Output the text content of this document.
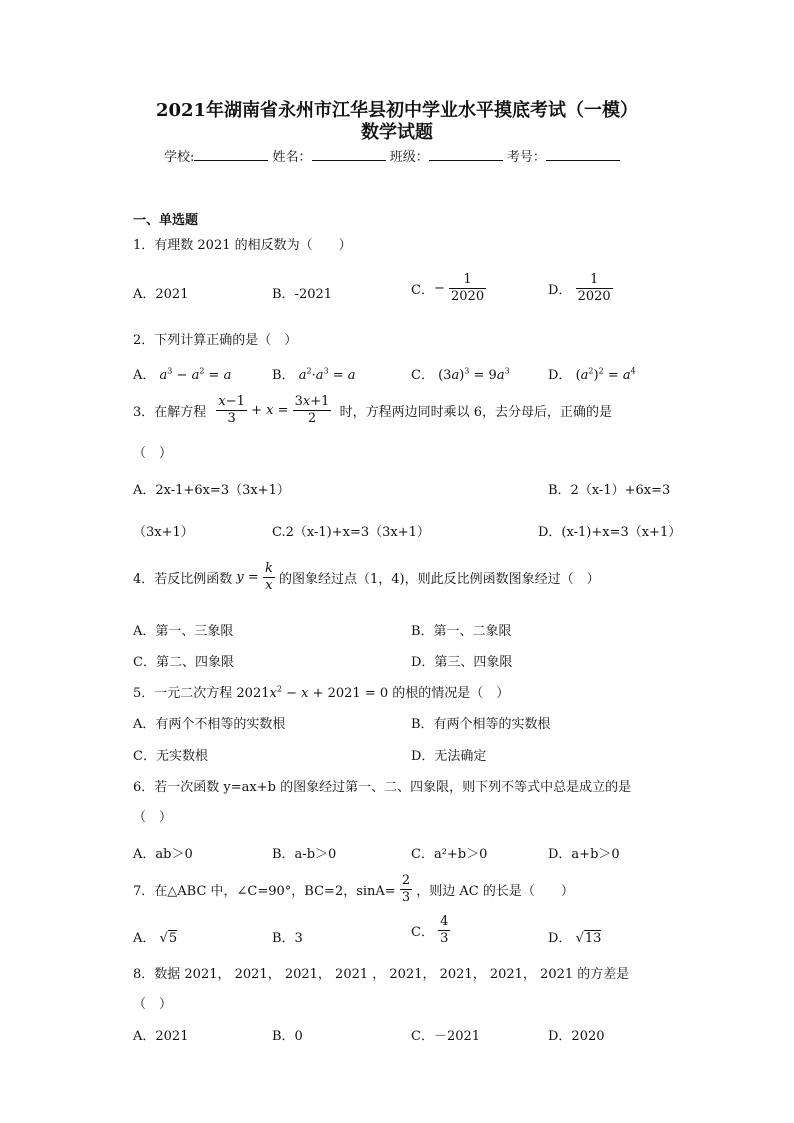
2021年湖南省永州市江华县初中学业水平摸底考试（一模）
数学试题
学校:	姓名：	班级：	考号：
一、单选题
1．有理数 2021 的相反数为（　　）
A．2021	B．-2021	C．− $\frac{1}{2020}$	D． $\frac{1}{2020}$
2．下列计算正确的是（　）
A． $a^3 - a^2 = a$	B． $a^2\cdot a^3 = a$	C． $(3a)^3 = 9a^3$	D． $(a^2)^2 = a^4$
3．在解方程 $\frac{x-1}{3} + x = \frac{3x+1}{2}$ 时，方程两边同时乘以 6，去分母后，正确的是
（　）
A．2x-1+6x=3（3x+1）	B．2（x-1）+6x=3
（3x+1）	C.2（x-1)+x=3（3x+1）	D．(x-1)+x=3（x+1）
4．若反比例函数 $y = \frac{k}{x}$ 的图象经过点（1，4)，则此反比例函数图象经过（　）
A．第一、三象限	B．第一、二象限
C．第二、四象限	D．第三、四象限
5．一元二次方程 $2021x^2 - x + 2021 = 0$ 的根的情况是（　）
A．有两个不相等的实数根	B．有两个相等的实数根
C．无实数根	D．无法确定
6．若一次函数 y=ax+b 的图象经过第一、二、四象限，则下列不等式中总是成立的是
（　）
A．ab＞0	B．a-b＞0	C．a²+b＞0	D．a+b＞0
7．在△ABC 中，∠C=90°，BC=2，$\sin A= \frac{2}{3}$ ，则边 AC 的长是（　　）
A． √5	B．3	C． $\frac{4}{3}$	D． √13
8．数据 2021， 2021， 2021， 2021 ， 2021， 2021， 2021， 2021 的方差是
（　）
A．2021	B．0	C．－2021	D．2020
